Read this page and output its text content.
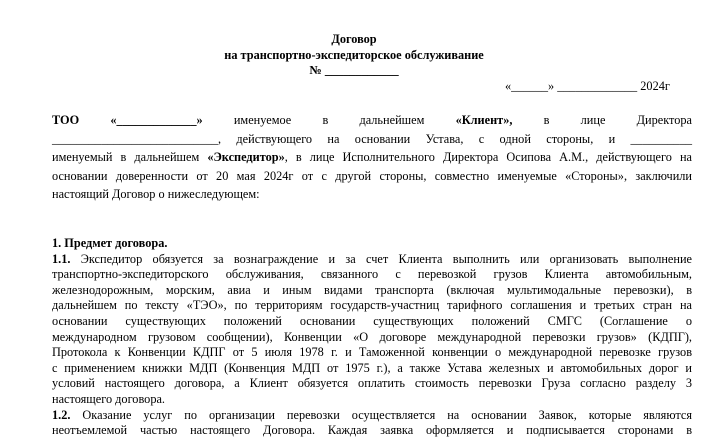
Договор
на транспортно-экспедиторское обслуживание
№ ____________
«______» _____________ 2024г
ТОО	«_____________»	именуемое в дальнейшем	«Клиент»,	в лице Директора
___________________________, действующего на основании Устава, с одной стороны, и __________
именуемый в дальнейшем «Экспедитор», в лице Исполнительного Директора Осипова А.М., действующего на
основании доверенности от 20 мая 2024г от с другой стороны, совместно именуемые «Стороны», заключили
настоящий Договор о нижеследующем:
1. Предмет договора.
1.1. Экспедитор обязуется за вознаграждение и за счет Клиента выполнить или организовать выполнение
транспортно-экспедиторского обслуживания, связанного с перевозкой грузов Клиента автомобильным,
железнодорожным, морским, авиа и иным видами транспорта (включая мультимодальные перевозки), в
дальнейшем по тексту «ТЭО», по территориям государств-участниц тарифного соглашения и третьих стран на
основании существующих положений основании существующих положений СМГС (Соглашение о
международном грузовом сообщении), Конвенции «О договоре международной перевозки грузов» (КДПГ),
Протокола к Конвенции КДПГ от 5 июля 1978 г. и Таможенной конвенции о международной перевозке грузов
с применением книжки МДП (Конвенция МДП от 1975 г.), а также Устава железных и автомобильных дорог и
условий настоящего договора, а Клиент обязуется оплатить стоимость перевозки Груза согласно разделу 3
настоящего договора.
1.2. Оказание услуг по организации перевозки осуществляется на основании Заявок, которые являются
неотъемлемой частью настоящего Договора. Каждая заявка оформляется и подписывается сторонами в
